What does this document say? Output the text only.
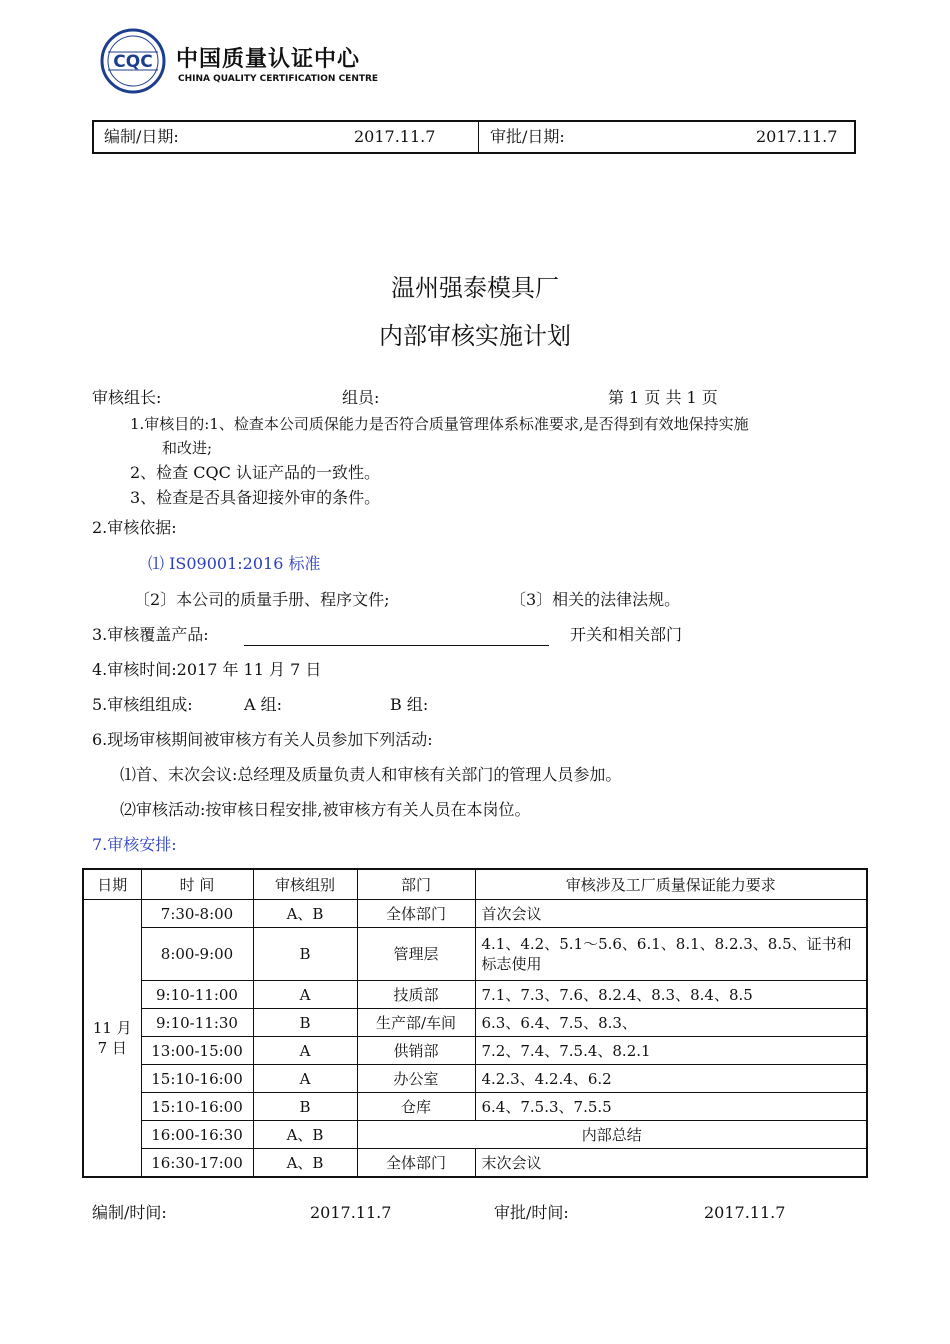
CQC 中国质量认证中心
CHINA QUALITY CERTIFICATION CENTRE
编制/日期:	2017.11.7	审批/日期:	2017.11.7
温州强泰模具厂
内部审核实施计划
审核组长:	组员:	第 1 页 共 1 页
1.审核目的:1、检查本公司质保能力是否符合质量管理体系标准要求,是否得到有效地保持实施
和改进;
2、检查 CQC 认证产品的一致性。
3、检查是否具备迎接外审的条件。
2.审核依据:
⑴ IS09001:2016 标准
〔2〕本公司的质量手册、程序文件;	〔3〕相关的法律法规。
3.审核覆盖产品:	开关和相关部门
4.审核时间:2017 年 11 月 7 日
5.审核组组成:	A 组:	B 组:
6.现场审核期间被审核方有关人员参加下列活动:
⑴首、末次会议:总经理及质量负责人和审核有关部门的管理人员参加。
⑵审核活动:按审核日程安排,被审核方有关人员在本岗位。
7.审核安排:
日期	时 间	审核组别	部门	审核涉及工厂质量保证能力要求

11 月
7 日	7:30-8:00	A、B	全体部门	首次会议
	8:00-9:00	B	管理层	4.1、4.2、5.1～5.6、6.1、8.1、8.2.3、8.5、证书和标志使用
	9:10-11:00	A	技质部	7.1、7.3、7.6、8.2.4、8.3、8.4、8.5
	9:10-11:30	B	生产部/车间	6.3、6.4、7.5、8.3、
	13:00-15:00	A	供销部	7.2、7.4、7.5.4、8.2.1
	15:10-16:00	A	办公室	4.2.3、4.2.4、6.2
	15:10-16:00	B	仓库	6.4、7.5.3、7.5.5
	16:00-16:30	A、B	内部总结	
	16:30-17:00	A、B	全体部门	末次会议
编制/时间:	2017.11.7	审批/时间:	2017.11.7
